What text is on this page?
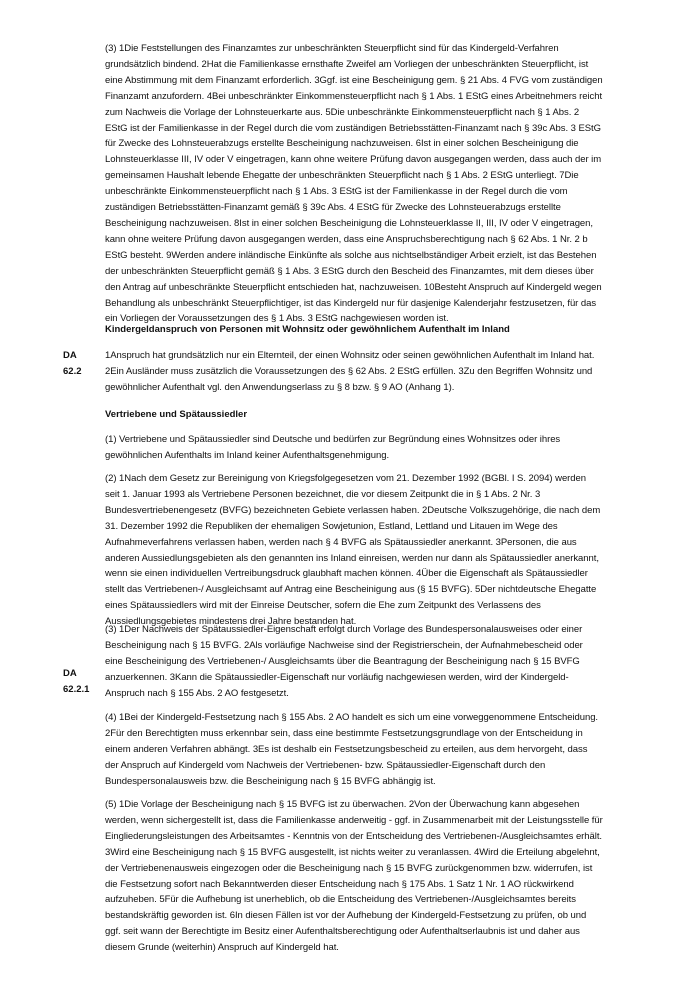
(3) 1Die Feststellungen des Finanzamtes zur unbeschränkten Steuerpflicht sind für das Kindergeld-Verfahren grundsätzlich bindend. 2Hat die Familienkasse ernsthafte Zweifel am Vorliegen der unbeschränkten Steuerpflicht, ist eine Abstimmung mit dem Finanzamt erforderlich. 3Ggf. ist eine Bescheinigung gem. § 21 Abs. 4 FVG vom zuständigen Finanzamt anzufordern. 4Bei unbeschränkter Einkommensteuerpflicht nach § 1 Abs. 1 EStG eines Arbeitnehmers reicht zum Nachweis die Vorlage der Lohnsteuerkarte aus. 5Die unbeschränkte Einkommensteuerpflicht nach § 1 Abs. 2 EStG ist der Familienkasse in der Regel durch die vom zuständigen Betriebsstätten-Finanzamt nach § 39c Abs. 3 EStG für Zwecke des Lohnsteuerabzugs erstellte Bescheinigung nachzuweisen. 6Ist in einer solchen Bescheinigung die Lohnsteuerklasse III, IV oder V eingetragen, kann ohne weitere Prüfung davon ausgegangen werden, dass auch der im gemeinsamen Haushalt lebende Ehegatte der unbeschränkten Steuerpflicht nach § 1 Abs. 2 EStG unterliegt. 7Die unbeschränkte Einkommensteuerpflicht nach § 1 Abs. 3 EStG ist der Familienkasse in der Regel durch die vom zuständigen Betriebsstätten-Finanzamt gemäß § 39c Abs. 4 EStG für Zwecke des Lohnsteuerabzugs erstellte Bescheinigung nachzuweisen. 8Ist in einer solchen Bescheinigung die Lohnsteuerklasse II, III, IV oder V eingetragen, kann ohne weitere Prüfung davon ausgegangen werden, dass eine Anspruchsberechtigung nach § 62 Abs. 1 Nr. 2 b EStG besteht. 9Werden andere inländische Einkünfte als solche aus nichtselbständiger Arbeit erzielt, ist das Bestehen der unbeschränkten Steuerpflicht gemäß § 1 Abs. 3 EStG durch den Bescheid des Finanzamtes, mit dem dieses über den Antrag auf unbeschränkte Steuerpflicht entschieden hat, nachzuweisen. 10Besteht Anspruch auf Kindergeld wegen Behandlung als unbeschränkt Steuerpflichtiger, ist das Kindergeld nur für dasjenige Kalenderjahr festzusetzen, für das ein Vorliegen der Voraussetzungen des § 1 Abs. 3 EStG nachgewiesen worden ist.

Kindergeldanspruch von Personen mit Wohnsitz oder gewöhnlichem Aufenthalt im Inland
DA
62.2

1Anspruch hat grundsätzlich nur ein Elternteil, der einen Wohnsitz oder seinen gewöhnlichen Aufenthalt im Inland hat. 2Ein Ausländer muss zusätzlich die Voraussetzungen des § 62 Abs. 2 EStG erfüllen. 3Zu den Begriffen Wohnsitz und gewöhnlicher Aufenthalt vgl. den Anwendungserlass zu § 8 bzw. § 9 AO (Anhang 1).

Vertriebene und Spätaussiedler

(1) Vertriebene und Spätaussiedler sind Deutsche und bedürfen zur Begründung eines Wohnsitzes oder ihres gewöhnlichen Aufenthalts im Inland keiner Aufenthaltsgenehmigung.

(2) 1Nach dem Gesetz zur Bereinigung von Kriegsfolgegesetzen vom 21. Dezember 1992 (BGBl. I S. 2094) werden seit 1. Januar 1993 als Vertriebene Personen bezeichnet, die vor diesem Zeitpunkt die in § 1 Abs. 2 Nr. 3 Bundesvertriebenengesetz (BVFG) bezeichneten Gebiete verlassen haben. 2Deutsche Volkszugehörige, die nach dem 31. Dezember 1992 die Republiken der ehemaligen Sowjetunion, Estland, Lettland und Litauen im Wege des Aufnahmeverfahrens verlassen haben, werden nach § 4 BVFG als Spätaussiedler anerkannt. 3Personen, die aus anderen Aussiedlungsgebieten als den genannten ins Inland einreisen, werden nur dann als Spätaussiedler anerkannt, wenn sie einen individuellen Vertreibungsdruck glaubhaft machen können. 4Über die Eigenschaft als Spätaussiedler stellt das Vertriebenen-/ Ausgleichsamt auf Antrag eine Bescheinigung aus (§ 15 BVFG). 5Der nichtdeutsche Ehegatte eines Spätaussiedlers wird mit der Einreise Deutscher, sofern die Ehe zum Zeitpunkt des Verlassens des Aussiedlungsgebietes mindestens drei Jahre bestanden hat.

(3) 1Der Nachweis der Spätaussiedler-Eigenschaft erfolgt durch Vorlage des Bundespersonalausweises oder einer Bescheinigung nach § 15 BVFG. 2Als vorläufige Nachweise sind der Registrierschein, der Aufnahmebescheid oder eine Bescheinigung des Vertriebenen-/ Ausgleichsamts über die Beantragung der Bescheinigung nach § 15 BVFG anzuerkennen. 3Kann die Spätaussiedler-Eigenschaft nur vorläufig nachgewiesen werden, wird der Kindergeld-Anspruch nach § 155 Abs. 2 AO festgesetzt.

DA
62.2.1

(4) 1Bei der Kindergeld-Festsetzung nach § 155 Abs. 2 AO handelt es sich um eine vorweggenommene Entscheidung. 2Für den Berechtigten muss erkennbar sein, dass eine bestimmte Festsetzungsgrundlage von der Entscheidung in einem anderen Verfahren abhängt. 3Es ist deshalb ein Festsetzungsbescheid zu erteilen, aus dem hervorgeht, dass der Anspruch auf Kindergeld vom Nachweis der Vertriebenen- bzw. Spätaussiedler-Eigenschaft durch den Bundespersonalausweis bzw. die Bescheinigung nach § 15 BVFG abhängig ist.

(5) 1Die Vorlage der Bescheinigung nach § 15 BVFG ist zu überwachen. 2Von der Überwachung kann abgesehen werden, wenn sichergestellt ist, dass die Familienkasse anderweitig - ggf. in Zusammenarbeit mit der Leistungsstelle für Eingliederungsleistungen des Arbeitsamtes - Kenntnis von der Entscheidung des Vertriebenen-/Ausgleichsamtes erhält. 3Wird eine Bescheinigung nach § 15 BVFG ausgestellt, ist nichts weiter zu veranlassen. 4Wird die Erteilung abgelehnt, der Vertriebenenausweis eingezogen oder die Bescheinigung nach § 15 BVFG zurückgenommen bzw. widerrufen, ist die Festsetzung sofort nach Bekanntwerden dieser Entscheidung nach § 175 Abs. 1 Satz 1 Nr. 1 AO rückwirkend aufzuheben. 5Für die Aufhebung ist unerheblich, ob die Entscheidung des Vertriebenen-/Ausgleichsamtes bereits bestandskräftig geworden ist. 6In diesen Fällen ist vor der Aufhebung der Kindergeld-Festsetzung zu prüfen, ob und ggf. seit wann der Berechtigte im Besitz einer Aufenthaltsberechtigung oder Aufenthaltserlaubnis ist und daher aus diesem Grunde (weiterhin) Anspruch auf Kindergeld hat.
